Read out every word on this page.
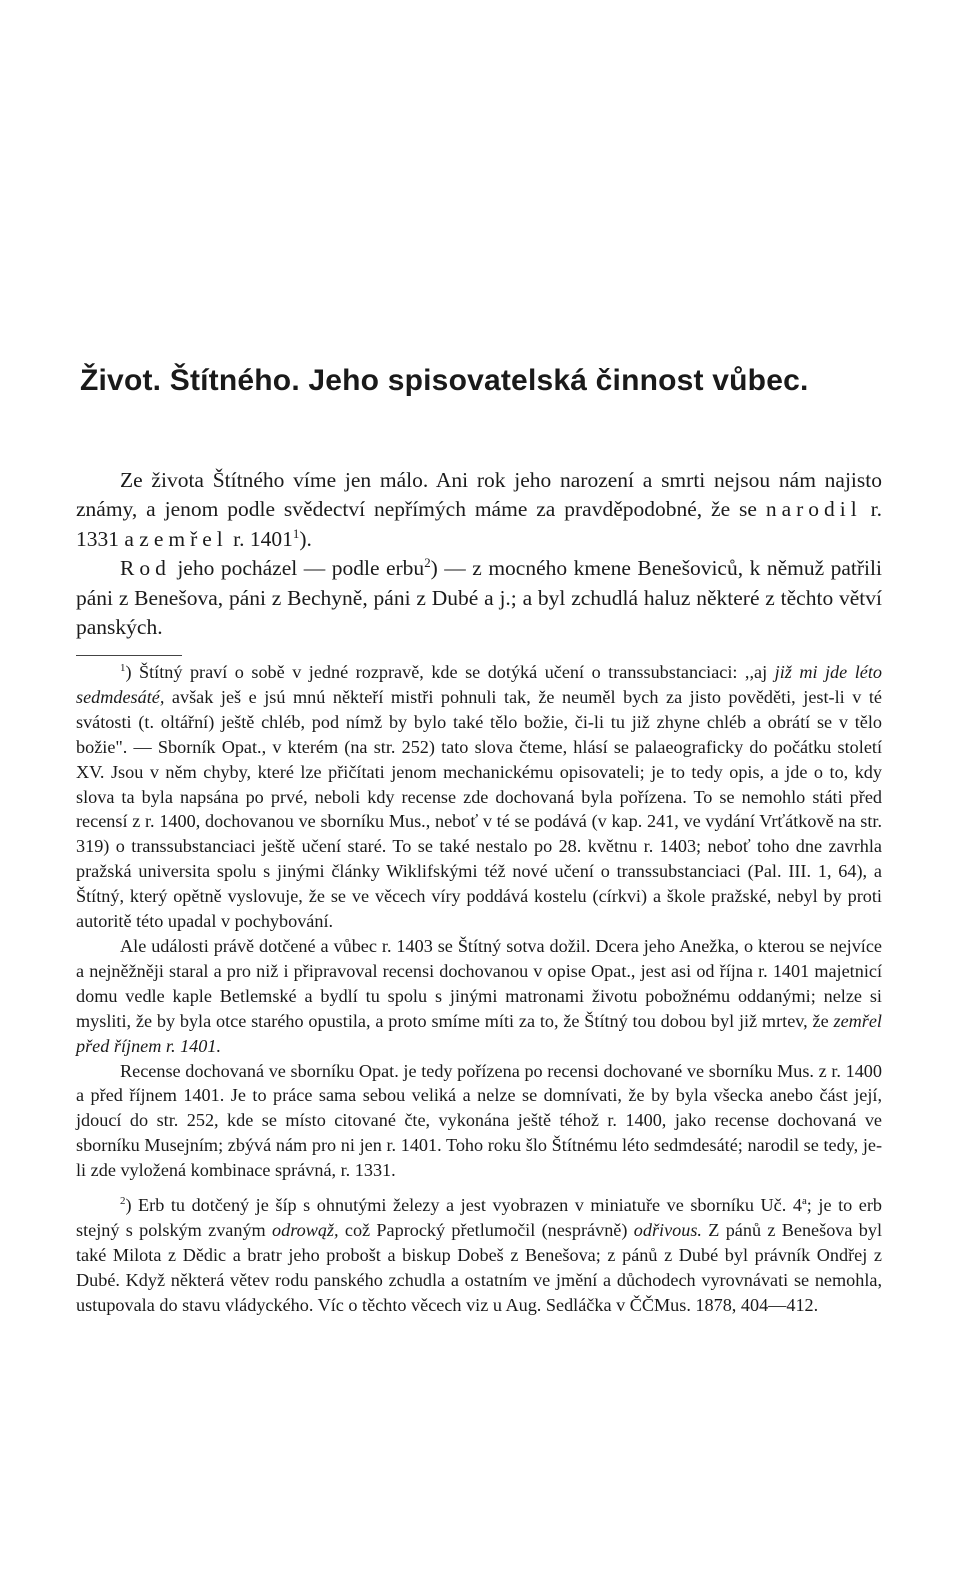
Život. Štítného. Jeho spisovatelská činnost vůbec.

Ze života Štítného víme jen málo. Ani rok jeho narození a smrti nejsou nám najisto známy, a jenom podle svědectví nepřímých máme za pravděpodobné, že se narodil r. 1331 a zemřel r. 1401$^1$).

Rod jeho pocházel — podle erbu$^2$) — z mocného kmene Benešoviců, k němuž patřili páni z Benešova, páni z Bechyně, páni z Dubé a j.; a byl zchudlá haluz některé z těchto větví panských.

$^1$) Štítný praví o sobě v jedné rozpravě, kde se dotýká učení o transsubstanciaci: ,,aj již mi jde léto sedmdesáté, avšak ješ e jsú mnú někteří mistři pohnuli tak, že neuměl bych za jisto pověděti, jest-li v té svátosti (t. oltářní) ještě chléb, pod nímž by bylo také tělo božie, či-li tu již zhyne chléb a obrátí se v tělo božie". — Sborník Opat., v kterém (na str. 252) tato slova čteme, hlásí se palaeograficky do počátku století XV. Jsou v něm chyby, které lze přičítati jenom mechanickému opisovateli; je to tedy opis, a jde o to, kdy slova ta byla napsána po prvé, neboli kdy recense zde dochovaná byla pořízena. To se nemohlo státi před recensí z r. 1400, dochovanou ve sborníku Mus., neboť v té se podává (v kap. 241, ve vydání Vrťátkově na str. 319) o transsubstanciaci ještě učení staré. To se také nestalo po 28. květnu r. 1403; neboť toho dne zavrhla pražská universita spolu s jinými články Wiklifskými též nové učení o transsubstanciaci (Pal. III. 1, 64), a Štítný, který opětně vyslovuje, že se ve věcech víry poddává kostelu (církvi) a škole pražské, nebyl by proti autoritě této upadal v pochybování.

Ale události právě dotčené a vůbec r. 1403 se Štítný sotva dožil. Dcera jeho Anežka, o kterou se nejvíce a nejněžněji staral a pro niž i připravoval recensi dochovanou v opise Opat., jest asi od října r. 1401 majetnicí domu vedle kaple Betlemské a bydlí tu spolu s jinými matronami životu pobožnému oddanými; nelze si mysliti, že by byla otce starého opustila, a proto smíme míti za to, že Štítný tou dobou byl již mrtev, že zemřel před říjnem r. 1401.

Recense dochovaná ve sborníku Opat. je tedy pořízena po recensi dochované ve sborníku Mus. z r. 1400 a před říjnem 1401. Je to práce sama sebou veliká a nelze se domnívati, že by byla všecka anebo část její, jdoucí do str. 252, kde se místo citované čte, vykonána ještě téhož r. 1400, jako recense dochovaná ve sborníku Musejním; zbývá nám pro ni jen r. 1401. Toho roku šlo Štítnému léto sedmdesáté; narodil se tedy, je-li zde vyložená kombinace správná, r. 1331.

$^2$) Erb tu dotčený je šíp s ohnutými železy a jest vyobrazen v miniatuře ve sborníku Uč. 4$^a$; je to erb stejný s polským zvaným odrowąž, což Paprocký přetlumočil (nesprávně) odřivous. Z pánů z Benešova byl také Milota z Dědic a bratr jeho probošt a biskup Dobeš z Benešova; z pánů z Dubé byl právník Ondřej z Dubé. Když některá větev rodu panského zchudla a ostatním ve jmění a důchodech vyrovnávati se nemohla, ustupovala do stavu vládyckého. Víc o těchto věcech viz u Aug. Sedláčka v ČČMus. 1878, 404—412.
